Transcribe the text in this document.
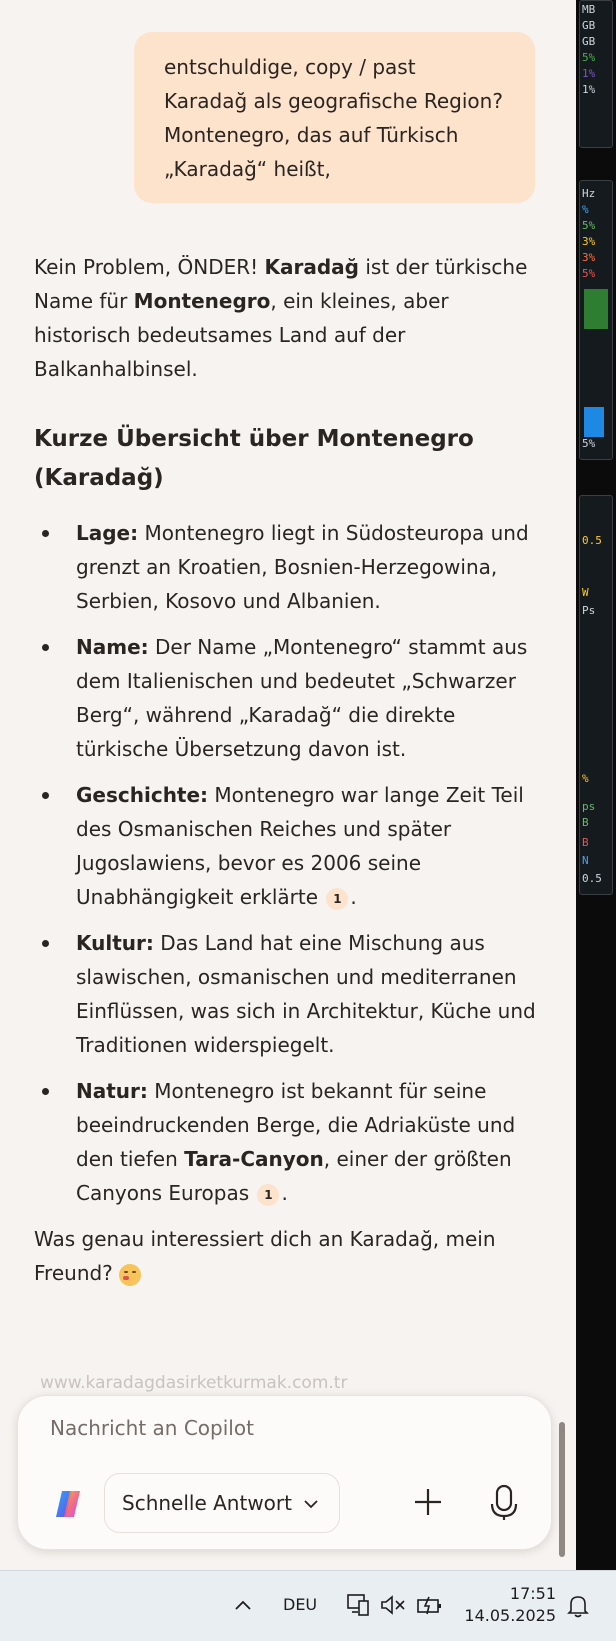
entschuldige, copy / past Karadağ als geografische Region? Montenegro, das auf Türkisch „Karadağ“ heißt,

Kein Problem, ÖNDER! Karadağ ist der türkische Name für Montenegro, ein kleines, aber historisch bedeutsames Land auf der Balkanhalbinsel.

Kurze Übersicht über Montenegro (Karadağ)
Lage: Montenegro liegt in Südosteuropa und grenzt an Kroatien, Bosnien-Herzegowina, Serbien, Kosovo und Albanien.
Name: Der Name „Montenegro“ stammt aus dem Italienischen und bedeutet „Schwarzer Berg“, während „Karadağ“ die direkte türkische Übersetzung davon ist.
Geschichte: Montenegro war lange Zeit Teil des Osmanischen Reiches und später Jugoslawiens, bevor es 2006 seine Unabhängigkeit erklärte 1 .
Kultur: Das Land hat eine Mischung aus slawischen, osmanischen und mediterranen Einflüssen, was sich in Architektur, Küche und Traditionen widerspiegelt.
Natur: Montenegro ist bekannt für seine beeindruckenden Berge, die Adriaküste und den tiefen Tara-Canyon, einer der größten Canyons Europas 1 .

Was genau interessiert dich an Karadağ, mein Freund?

www.karadagdasirketkurmak.com.tr
Nachricht an Copilot
Schnelle Antwort
MB
GB
GB
5%
1%
1%
Hz
%
5%
3%
3%
5%
5%
0.5
W
Ps
%
ps
B
B
N
0.5
DEU
17:51
14.05.2025
